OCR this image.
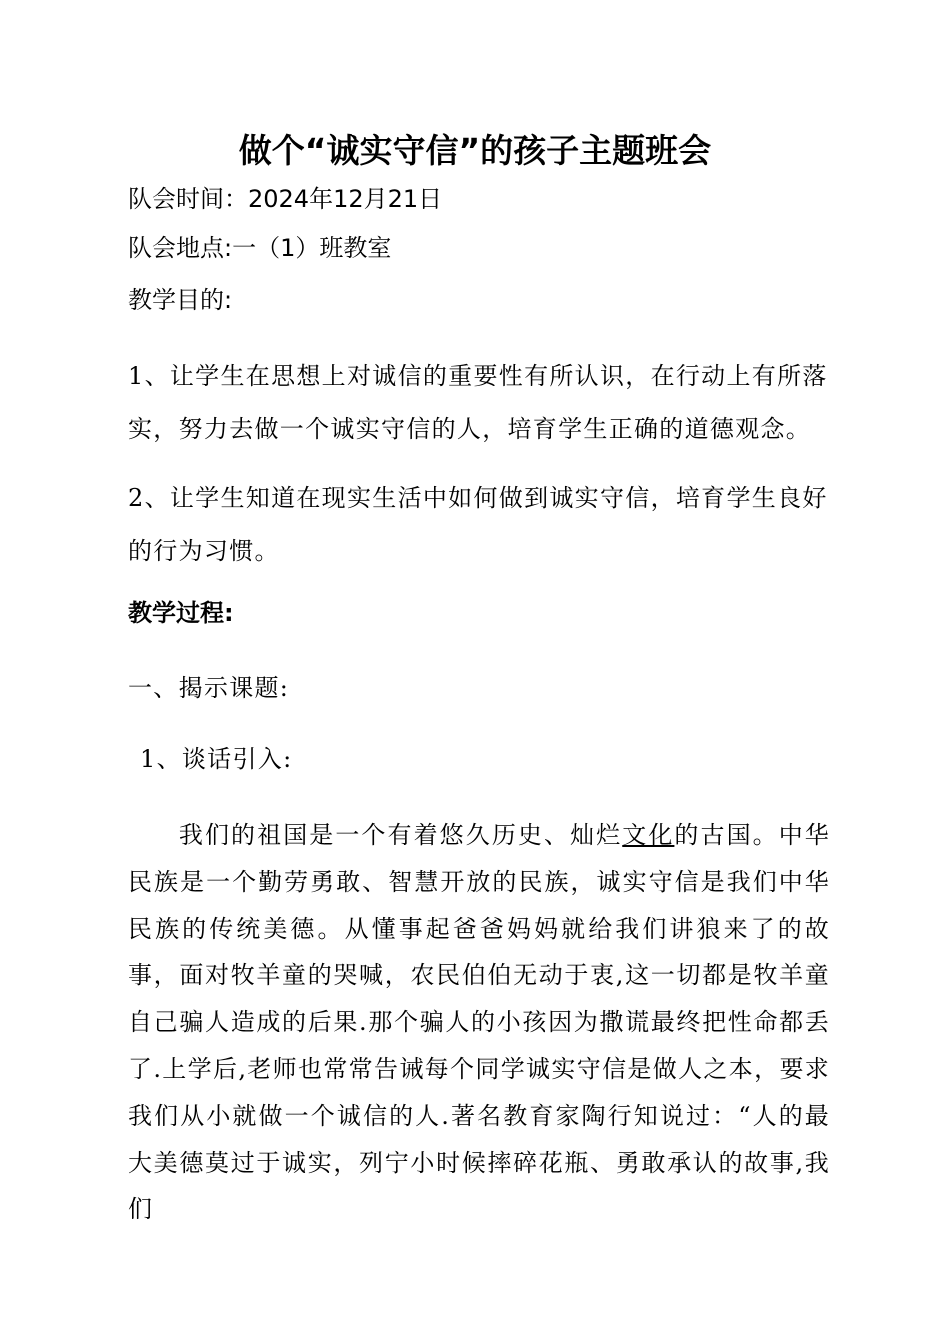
做个“诚实守信”的孩子主题班会
队会时间：2024年12月21日
队会地点:一（1）班教室
教学目的:
1、让学生在思想上对诚信的重要性有所认识，在行动上有所落实，努力去做一个诚实守信的人，培育学生正确的道德观念。
2、让学生知道在现实生活中如何做到诚实守信，培育学生良好的行为习惯。
教学过程:
一、揭示课题:
1、谈话引入:
我们的祖国是一个有着悠久历史、灿烂文化的古国。中华民族是一个勤劳勇敢、智慧开放的民族，诚实守信是我们中华民族的传统美德。从懂事起爸爸妈妈就给我们讲狼来了的故事，面对牧羊童的哭喊，农民伯伯无动于衷,这一切都是牧羊童自己骗人造成的后果.那个骗人的小孩因为撒谎最终把性命都丢了.上学后,老师也常常告诫每个同学诚实守信是做人之本，要求我们从小就做一个诚信的人.著名教育家陶行知说过：“人的最大美德莫过于诚实，列宁小时候摔碎花瓶、勇敢承认的故事,我们
